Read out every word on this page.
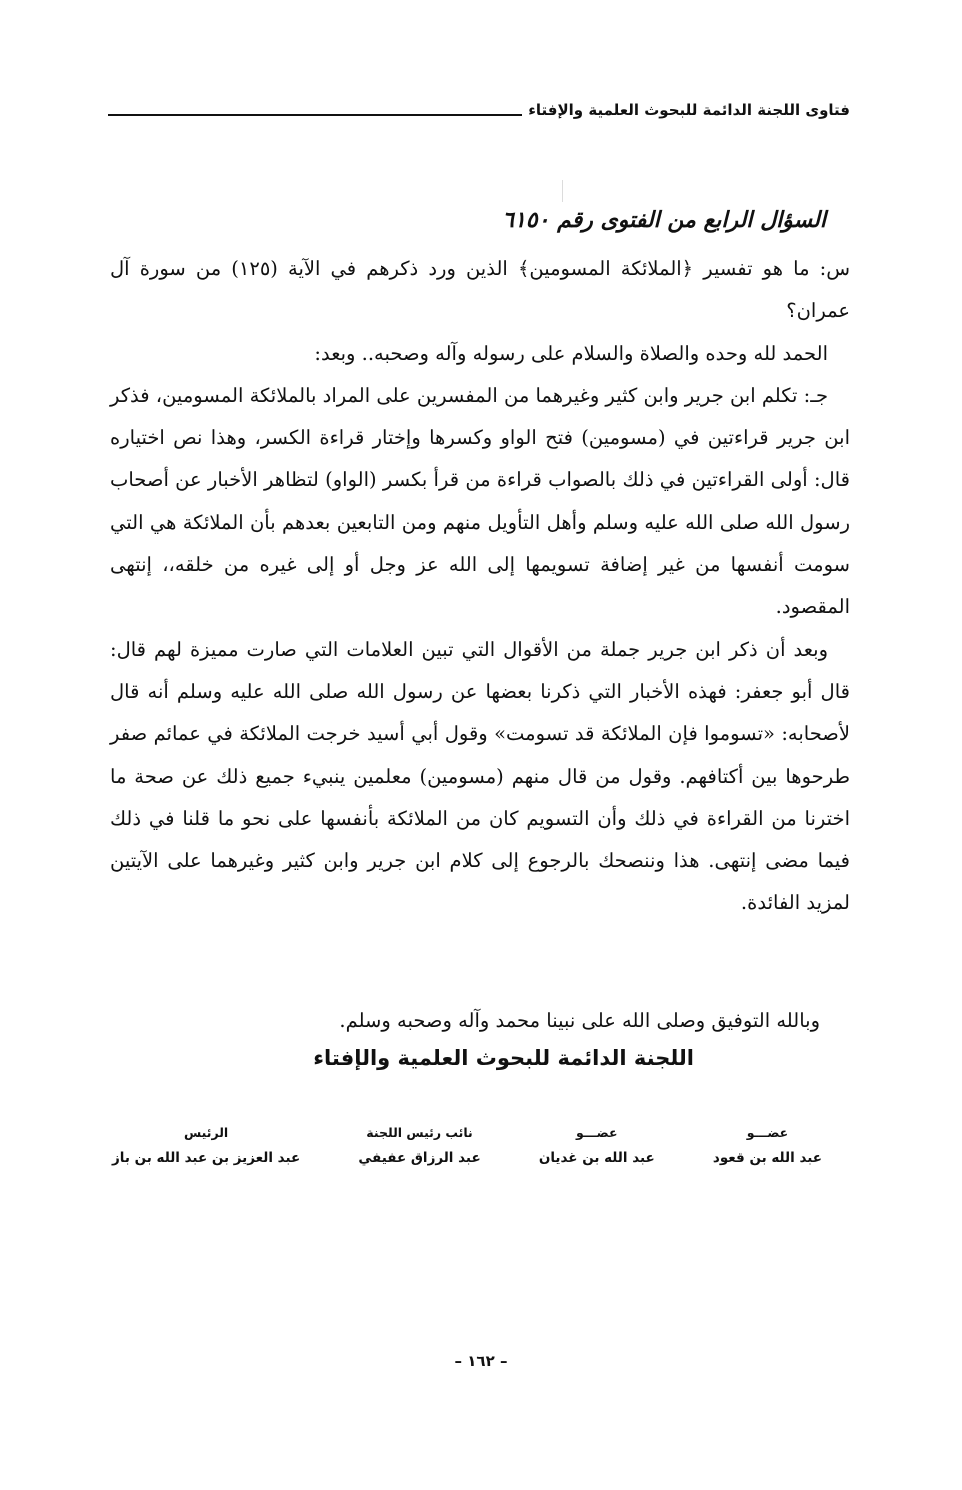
فتاوى اللجنة الدائمة للبحوث العلمية والإفتاء
السؤال الرابع من الفتوى رقم ٦١٥٠

س: ما هو تفسير ﴿الملائكة المسومين﴾ الذين ورد ذكرهم في الآية (١٢٥) من سورة آل عمران؟

الحمد لله وحده والصلاة والسلام على رسوله وآله وصحبه.. وبعد:

جـ: تكلم ابن جرير وابن كثير وغيرهما من المفسرين على المراد بالملائكة المسومين، فذكر ابن جرير قراءتين في (مسومين) فتح الواو وكسرها وإختار قراءة الكسر، وهذا نص اختياره قال: أولى القراءتين في ذلك بالصواب قراءة من قرأ بكسر (الواو) لتظاهر الأخبار عن أصحاب رسول الله صلى الله عليه وسلم وأهل التأويل منهم ومن التابعين بعدهم بأن الملائكة هي التي سومت أنفسها من غير إضافة تسويمها إلى الله عز وجل أو إلى غيره من خلقه،، إنتهى المقصود.

وبعد أن ذكر ابن جرير جملة من الأقوال التي تبين العلامات التي صارت مميزة لهم قال: قال أبو جعفر: فهذه الأخبار التي ذكرنا بعضها عن رسول الله صلى الله عليه وسلم أنه قال لأصحابه: «تسوموا فإن الملائكة قد تسومت» وقول أبي أسيد خرجت الملائكة في عمائم صفر طرحوها بين أكتافهم. وقول من قال منهم (مسومين) معلمين ينبيء جميع ذلك عن صحة ما اخترنا من القراءة في ذلك وأن التسويم كان من الملائكة بأنفسها على نحو ما قلنا في ذلك فيما مضى إنتهى. هذا وننصحك بالرجوع إلى كلام ابن جرير وابن كثير وغيرهما على الآيتين لمزيد الفائدة.

وبالله التوفيق وصلى الله على نبينا محمد وآله وصحبه وسلم.
اللجنة الدائمة للبحوث العلمية والإفتاء
عضـــو
عبد الله بن قعود
عضـــو
عبد الله بن غديان
نائب رئيس اللجنة
عبد الرزاق عفيفي
الرئيس
عبد العزيز بن عبد الله بن باز
– ١٦٢ –
